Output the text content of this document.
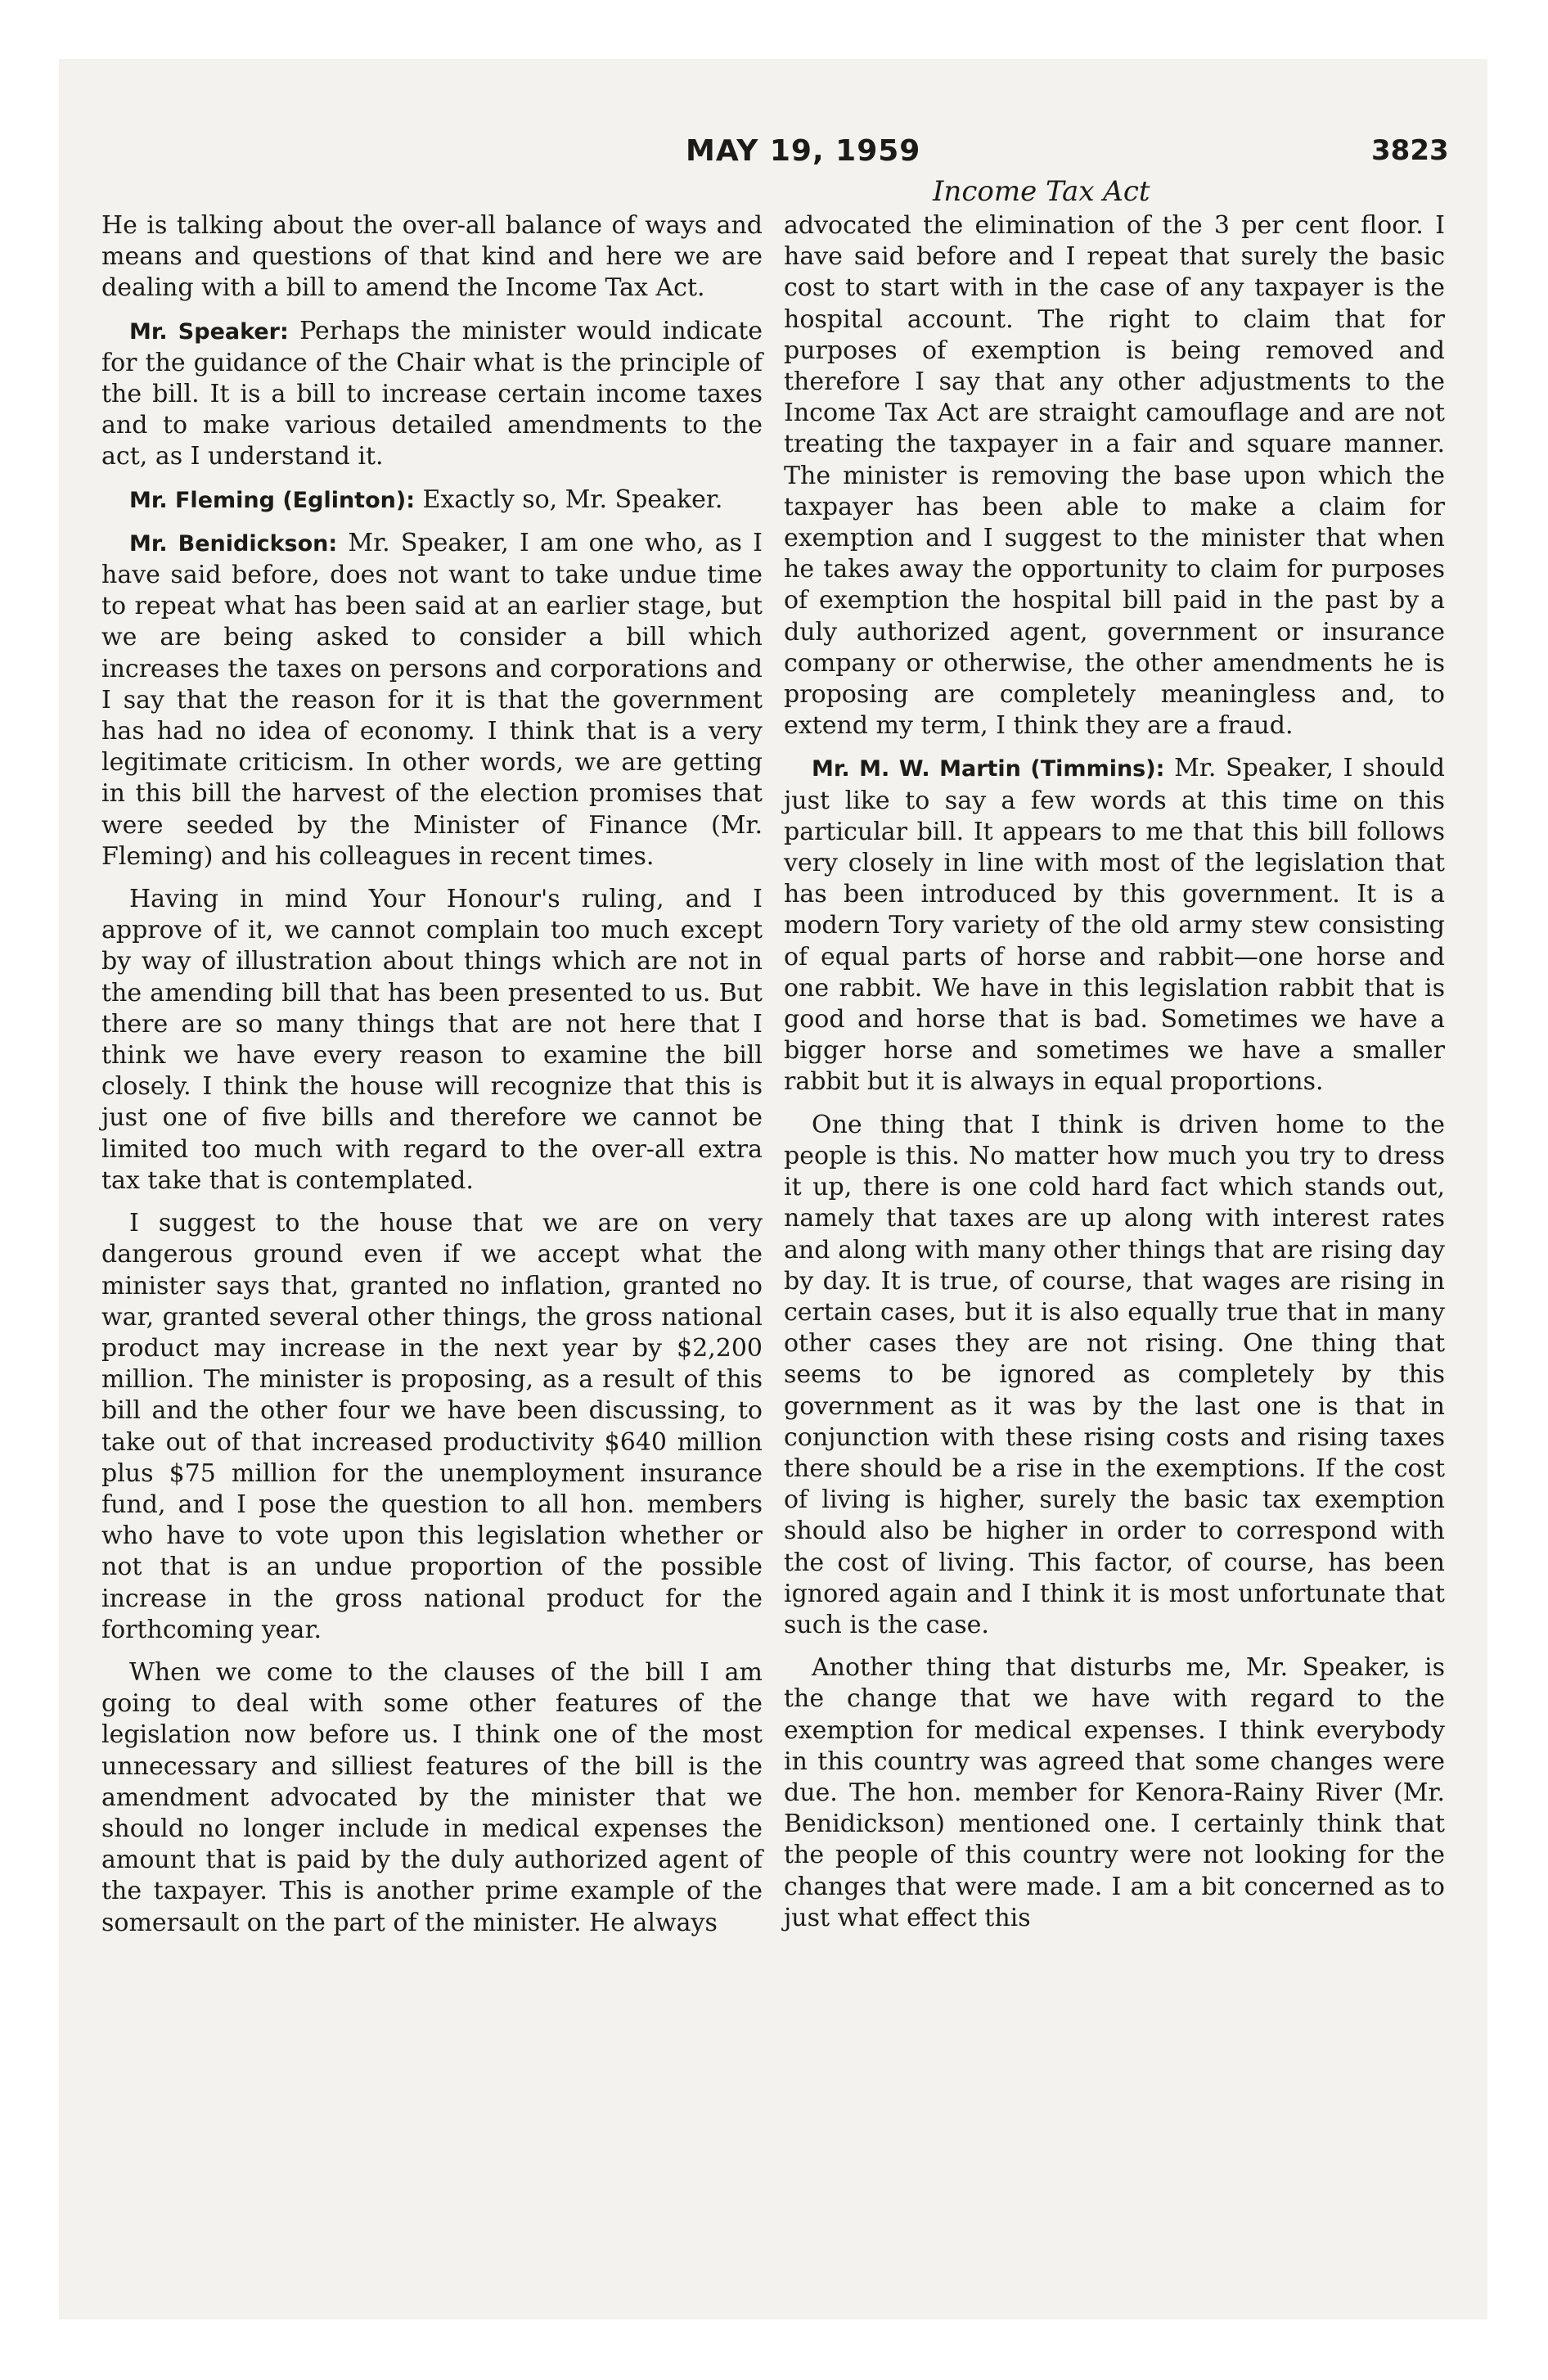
MAY 19, 1959	3823
Income Tax Act

He is talking about the over-all balance of ways and means and questions of that kind and here we are dealing with a bill to amend the Income Tax Act.

Mr. Speaker: Perhaps the minister would indicate for the guidance of the Chair what is the principle of the bill. It is a bill to increase certain income taxes and to make various detailed amendments to the act, as I understand it.

Mr. Fleming (Eglinton): Exactly so, Mr. Speaker.

Mr. Benidickson: Mr. Speaker, I am one who, as I have said before, does not want to take undue time to repeat what has been said at an earlier stage, but we are being asked to consider a bill which increases the taxes on persons and corporations and I say that the reason for it is that the government has had no idea of economy. I think that is a very legitimate criticism. In other words, we are getting in this bill the harvest of the election promises that were seeded by the Minister of Finance (Mr. Fleming) and his colleagues in recent times.

Having in mind Your Honour's ruling, and I approve of it, we cannot complain too much except by way of illustration about things which are not in the amending bill that has been presented to us. But there are so many things that are not here that I think we have every reason to examine the bill closely. I think the house will recognize that this is just one of five bills and therefore we cannot be limited too much with regard to the over-all extra tax take that is contemplated.

I suggest to the house that we are on very dangerous ground even if we accept what the minister says that, granted no inflation, granted no war, granted several other things, the gross national product may increase in the next year by $2,200 million. The minister is proposing, as a result of this bill and the other four we have been discussing, to take out of that increased productivity $640 million plus $75 million for the unemployment insurance fund, and I pose the question to all hon. members who have to vote upon this legislation whether or not that is an undue proportion of the possible increase in the gross national product for the forthcoming year.

When we come to the clauses of the bill I am going to deal with some other features of the legislation now before us. I think one of the most unnecessary and silliest features of the bill is the amendment advocated by the minister that we should no longer include in medical expenses the amount that is paid by the duly authorized agent of the taxpayer. This is another prime example of the somersault on the part of the minister. He always

advocated the elimination of the 3 per cent floor. I have said before and I repeat that surely the basic cost to start with in the case of any taxpayer is the hospital account. The right to claim that for purposes of exemption is being removed and therefore I say that any other adjustments to the Income Tax Act are straight camouflage and are not treating the taxpayer in a fair and square manner. The minister is removing the base upon which the taxpayer has been able to make a claim for exemption and I suggest to the minister that when he takes away the opportunity to claim for purposes of exemption the hospital bill paid in the past by a duly authorized agent, government or insurance company or otherwise, the other amendments he is proposing are completely meaningless and, to extend my term, I think they are a fraud.

Mr. M. W. Martin (Timmins): Mr. Speaker, I should just like to say a few words at this time on this particular bill. It appears to me that this bill follows very closely in line with most of the legislation that has been introduced by this government. It is a modern Tory variety of the old army stew consisting of equal parts of horse and rabbit—one horse and one rabbit. We have in this legislation rabbit that is good and horse that is bad. Sometimes we have a bigger horse and sometimes we have a smaller rabbit but it is always in equal proportions.

One thing that I think is driven home to the people is this. No matter how much you try to dress it up, there is one cold hard fact which stands out, namely that taxes are up along with interest rates and along with many other things that are rising day by day. It is true, of course, that wages are rising in certain cases, but it is also equally true that in many other cases they are not rising. One thing that seems to be ignored as completely by this government as it was by the last one is that in conjunction with these rising costs and rising taxes there should be a rise in the exemptions. If the cost of living is higher, surely the basic tax exemption should also be higher in order to correspond with the cost of living. This factor, of course, has been ignored again and I think it is most unfortunate that such is the case.

Another thing that disturbs me, Mr. Speaker, is the change that we have with regard to the exemption for medical expenses. I think everybody in this country was agreed that some changes were due. The hon. member for Kenora-Rainy River (Mr. Benidickson) mentioned one. I certainly think that the people of this country were not looking for the changes that were made. I am a bit concerned as to just what effect this
